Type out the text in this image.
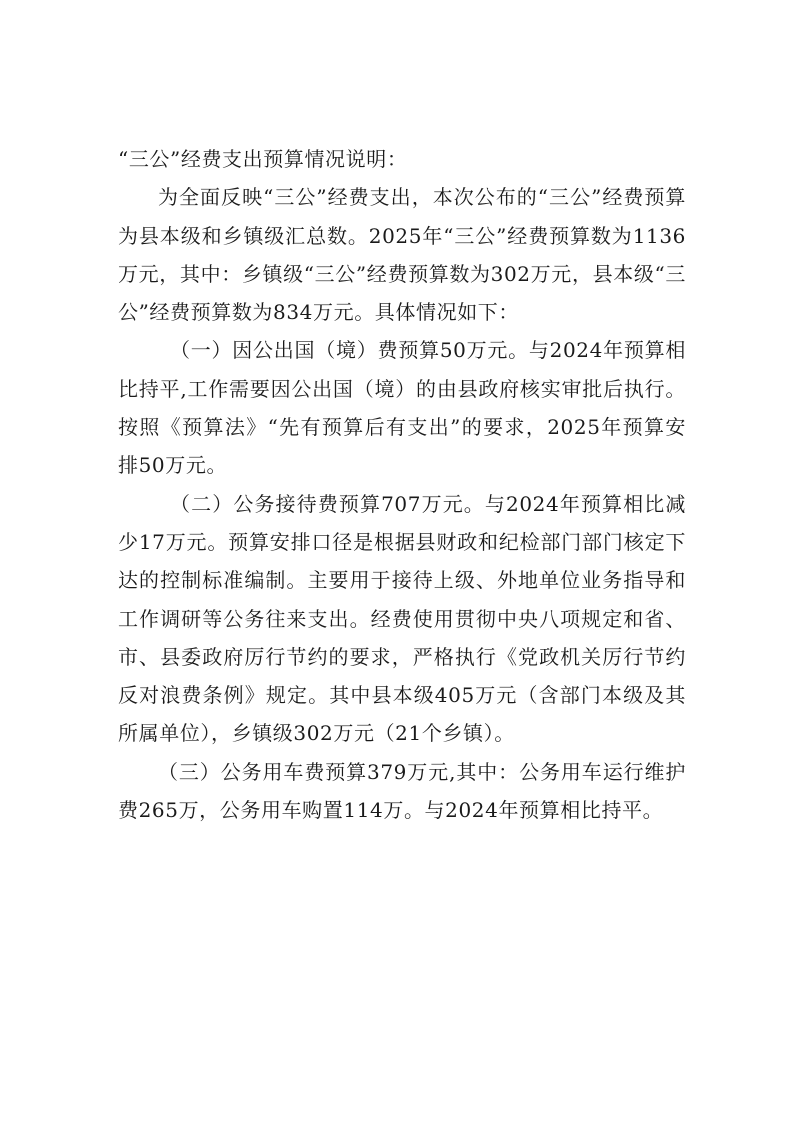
“三公”经费支出预算情况说明：

为全面反映“三公”经费支出，本次公布的“三公”经费预算为县本级和乡镇级汇总数。2025年“三公”经费预算数为1136万元，其中：乡镇级“三公”经费预算数为302万元，县本级“三公”经费预算数为834万元。具体情况如下：

（一）因公出国（境）费预算50万元。与2024年预算相比持平,工作需要因公出国（境）的由县政府核实审批后执行。按照《预算法》“先有预算后有支出”的要求，2025年预算安排50万元。

（二）公务接待费预算707万元。与2024年预算相比减少17万元。预算安排口径是根据县财政和纪检部门部门核定下达的控制标准编制。主要用于接待上级、外地单位业务指导和工作调研等公务往来支出。经费使用贯彻中央八项规定和省、市、县委政府厉行节约的要求，严格执行《党政机关厉行节约反对浪费条例》规定。其中县本级405万元（含部门本级及其所属单位），乡镇级302万元（21个乡镇）。

（三）公务用车费预算379万元,其中：公务用车运行维护费265万，公务用车购置114万。与2024年预算相比持平。
